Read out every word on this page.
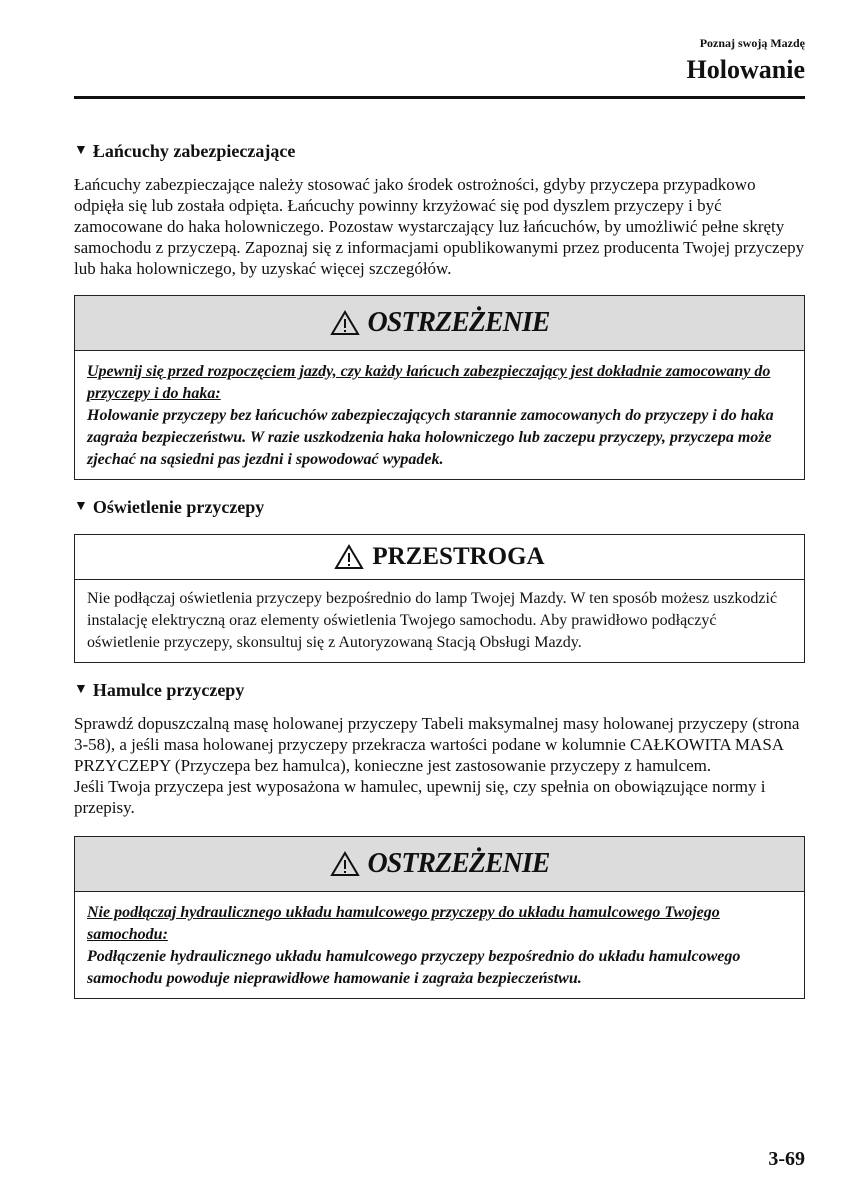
Poznaj swoją Mazdę
Holowanie
▼ Łańcuchy zabezpieczające

Łańcuchy zabezpieczające należy stosować jako środek ostrożności, gdyby przyczepa przypadkowo odpięła się lub została odpięta. Łańcuchy powinny krzyżować się pod dyszlem przyczepy i być zamocowane do haka holowniczego. Pozostaw wystarczający luz łańcuchów, by umożliwić pełne skręty samochodu z przyczepą. Zapoznaj się z informacjami opublikowanymi przez producenta Twojej przyczepy lub haka holowniczego, by uzyskać więcej szczegółów.

OSTRZEŻENIE
Upewnij się przed rozpoczęciem jazdy, czy każdy łańcuch zabezpieczający jest dokładnie zamocowany do przyczepy i do haka:
Holowanie przyczepy bez łańcuchów zabezpieczających starannie zamocowanych do przyczepy i do haka zagraża bezpieczeństwu. W razie uszkodzenia haka holowniczego lub zaczepu przyczepy, przyczepa może zjechać na sąsiedni pas jezdni i spowodować wypadek.
▼ Oświetlenie przyczepy
PRZESTROGA
Nie podłączaj oświetlenia przyczepy bezpośrednio do lamp Twojej Mazdy. W ten sposób możesz uszkodzić instalację elektryczną oraz elementy oświetlenia Twojego samochodu. Aby prawidłowo podłączyć oświetlenie przyczepy, skonsultuj się z Autoryzowaną Stacją Obsługi Mazdy.
▼ Hamulce przyczepy

Sprawdź dopuszczalną masę holowanej przyczepy Tabeli maksymalnej masy holowanej przyczepy (strona 3-58), a jeśli masa holowanej przyczepy przekracza wartości podane w kolumnie CAŁKOWITA MASA PRZYCZEPY (Przyczepa bez hamulca), konieczne jest zastosowanie przyczepy z hamulcem.

Jeśli Twoja przyczepa jest wyposażona w hamulec, upewnij się, czy spełnia on obowiązujące normy i przepisy.

OSTRZEŻENIE
Nie podłączaj hydraulicznego układu hamulcowego przyczepy do układu hamulcowego Twojego samochodu:
Podłączenie hydraulicznego układu hamulcowego przyczepy bezpośrednio do układu hamulcowego samochodu powoduje nieprawidłowe hamowanie i zagraża bezpieczeństwu.
3-69
